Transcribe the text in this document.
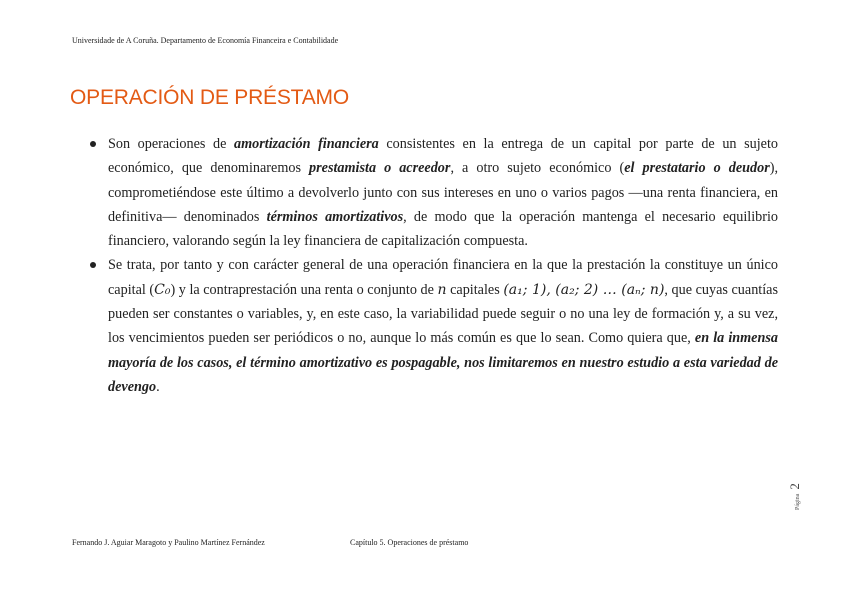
Universidade de A Coruña. Departamento de Economía Financeira e Contabilidade
OPERACIÓN DE PRÉSTAMO
Son operaciones de amortización financiera consistentes en la entrega de un capital por parte de un sujeto económico, que denominaremos prestamista o acreedor, a otro sujeto económico (el prestatario o deudor), comprometiéndose este último a devolverlo junto con sus intereses en uno o varios pagos —una renta financiera, en definitiva— denominados términos amortizativos, de modo que la operación mantenga el necesario equilibrio financiero, valorando según la ley financiera de capitalización compuesta.
Se trata, por tanto y con carácter general de una operación financiera en la que la prestación la constituye un único capital (C₀) y la contraprestación una renta o conjunto de n capitales (a₁; 1), (a₂; 2) … (aₙ; n), que cuyas cuantías pueden ser constantes o variables, y, en este caso, la variabilidad puede seguir o no una ley de formación y, a su vez, los vencimientos pueden ser periódicos o no, aunque lo más común es que lo sean. Como quiera que, en la inmensa mayoría de los casos, el término amortizativo es pospagable, nos limitaremos en nuestro estudio a esta variedad de devengo.
Página 2
Fernando J. Aguiar Maragoto y Paulino Martínez Fernández	Capítulo 5. Operaciones de préstamo
